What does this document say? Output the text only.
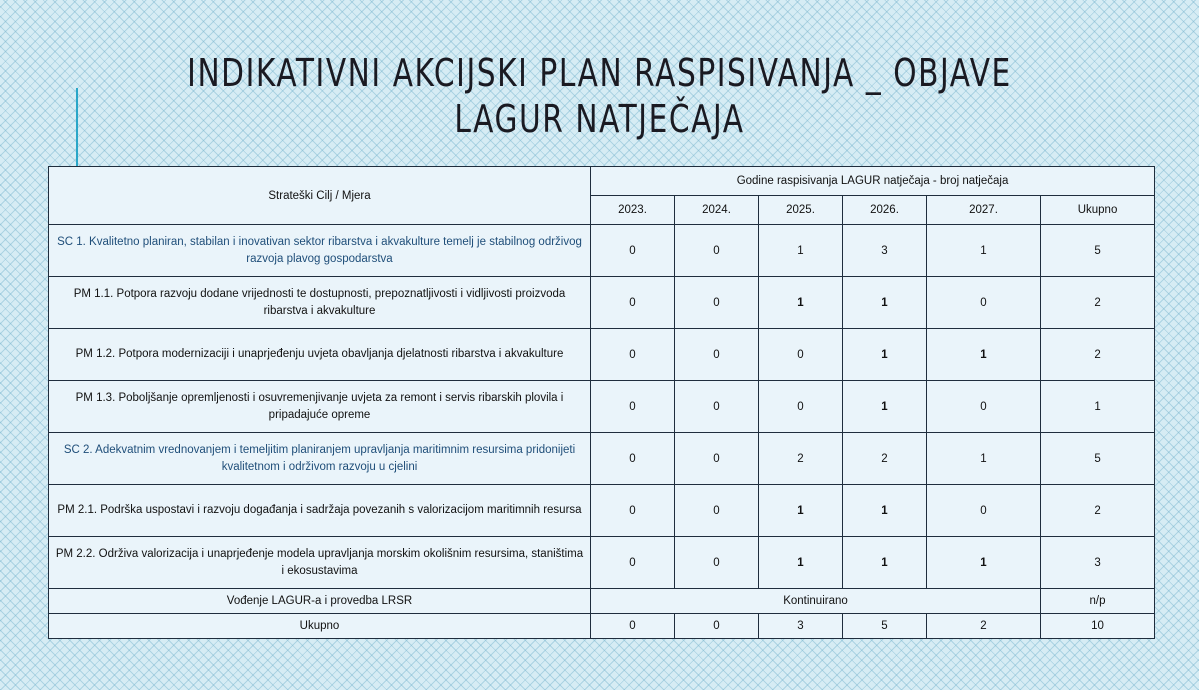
INDIKATIVNI AKCIJSKI PLAN RASPISIVANJA _ OBJAVE
LAGUR NATJEČAJA
Strateški Cilj / Mjera	Godine raspisivanja LAGUR natječaja - broj natječaja					
	2023.	2024.	2025.	2026.	2027.	Ukupno
SC 1. Kvalitetno planiran, stabilan i inovativan sektor ribarstva i akvakulture temelj je stabilnog održivog razvoja plavog gospodarstva	0	0	1	3	1	5
PM 1.1. Potpora razvoju dodane vrijednosti te dostupnosti, prepoznatljivosti i vidljivosti proizvoda ribarstva i akvakulture	0	0	1	1	0	2
PM 1.2. Potpora modernizaciji i unaprjeđenju uvjeta obavljanja djelatnosti ribarstva i akvakulture	0	0	0	1	1	2
PM 1.3. Poboljšanje opremljenosti i osuvremenjivanje uvjeta za remont i servis ribarskih plovila i pripadajuće opreme	0	0	0	1	0	1
SC 2. Adekvatnim vrednovanjem i temeljitim planiranjem upravljanja maritimnim resursima pridonijeti kvalitetnom i održivom razvoju u cjelini	0	0	2	2	1	5
PM 2.1. Podrška uspostavi i razvoju događanja i sadržaja povezanih s valorizacijom maritimnih resursa	0	0	1	1	0	2
PM 2.2. Održiva valorizacija i unaprjeđenje modela upravljanja morskim okolišnim resursima, staništima i ekosustavima	0	0	1	1	1	3
Vođenje LAGUR-a i provedba LRSR	Kontinuirano					n/p
Ukupno	0	0	3	5	2	10
